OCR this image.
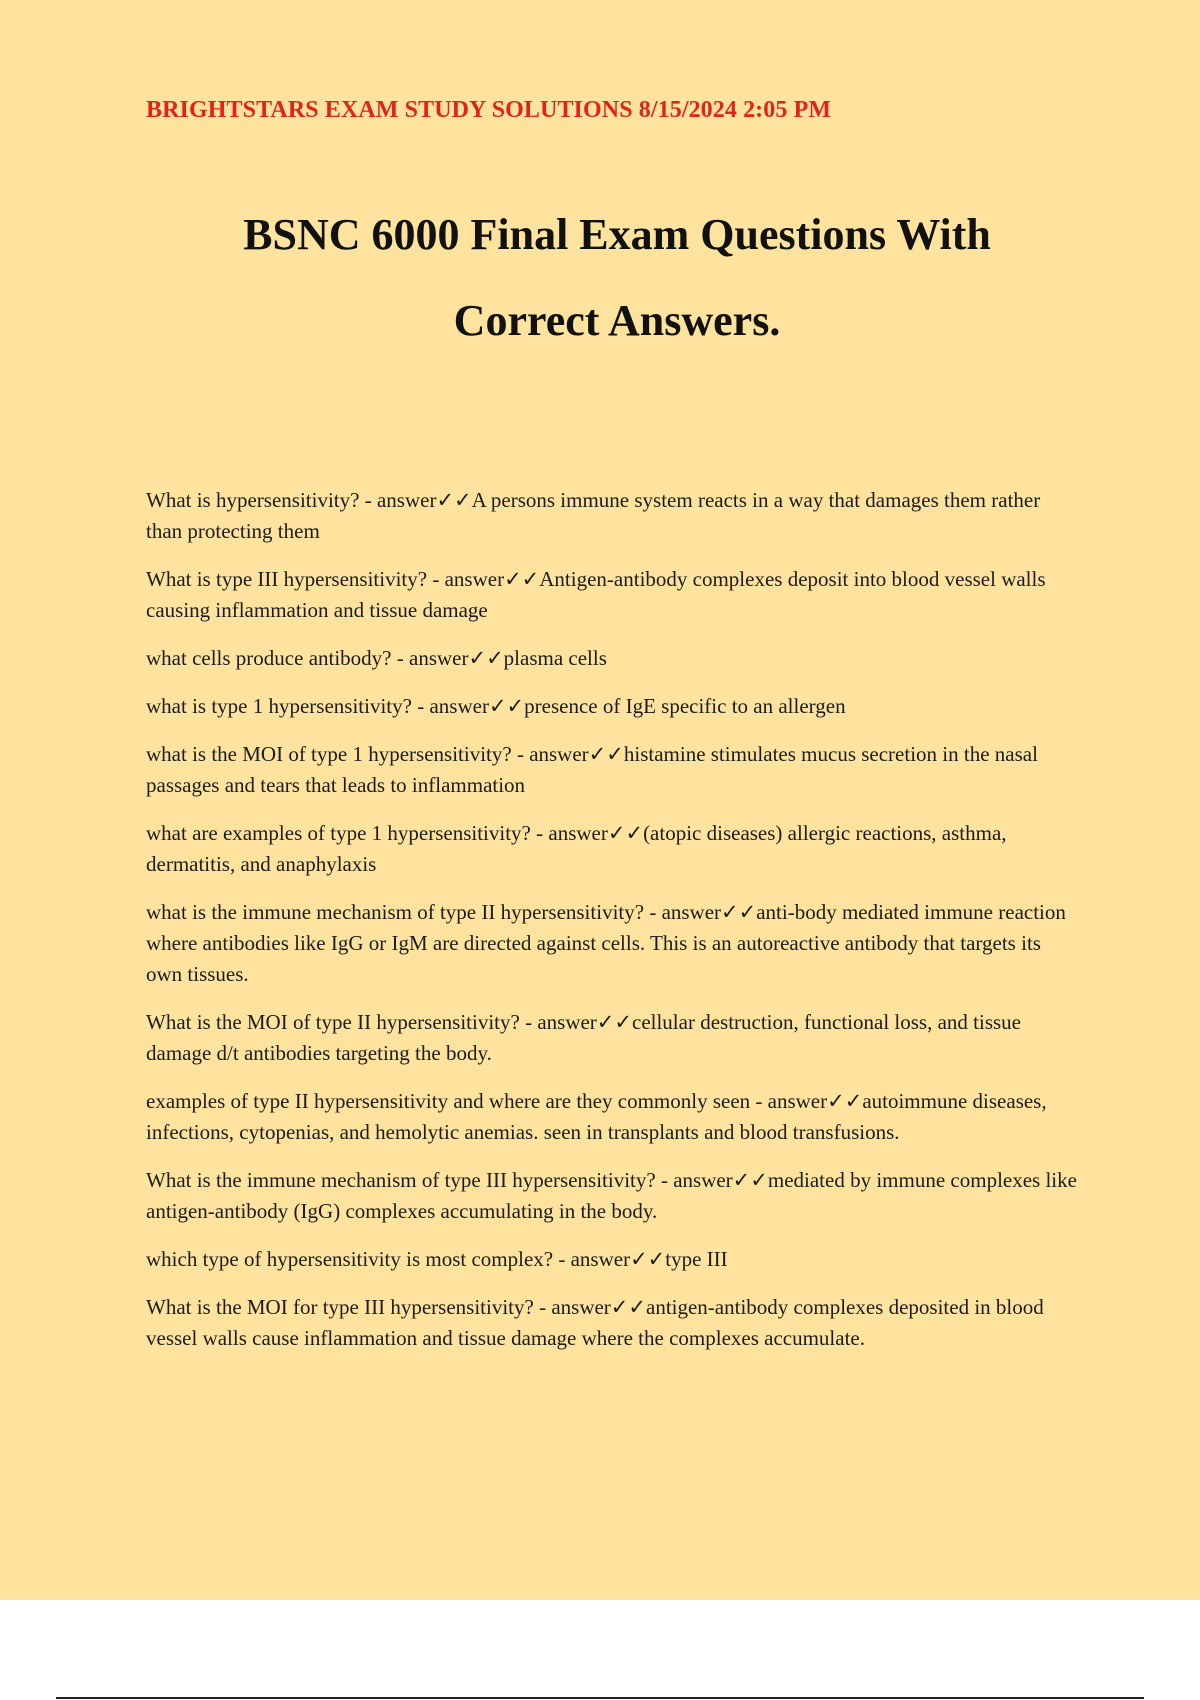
BRIGHTSTARS EXAM STUDY SOLUTIONS 8/15/2024 2:05 PM
BSNC 6000 Final Exam Questions With
Correct Answers.

What is hypersensitivity? - answer✓✓A persons immune system reacts in a way that damages them rather than protecting them

What is type III hypersensitivity? - answer✓✓Antigen-antibody complexes deposit into blood vessel walls causing inflammation and tissue damage

what cells produce antibody? - answer✓✓plasma cells

what is type 1 hypersensitivity? - answer✓✓presence of IgE specific to an allergen

what is the MOI of type 1 hypersensitivity? - answer✓✓histamine stimulates mucus secretion in the nasal passages and tears that leads to inflammation

what are examples of type 1 hypersensitivity? - answer✓✓(atopic diseases) allergic reactions, asthma, dermatitis, and anaphylaxis

what is the immune mechanism of type II hypersensitivity? - answer✓✓anti-body mediated immune reaction where antibodies like IgG or IgM are directed against cells. This is an autoreactive antibody that targets its own tissues.

What is the MOI of type II hypersensitivity? - answer✓✓cellular destruction, functional loss, and tissue damage d/t antibodies targeting the body.

examples of type II hypersensitivity and where are they commonly seen - answer✓✓autoimmune diseases, infections, cytopenias, and hemolytic anemias. seen in transplants and blood transfusions.

What is the immune mechanism of type III hypersensitivity? - answer✓✓mediated by immune complexes like antigen-antibody (IgG) complexes accumulating in the body.

which type of hypersensitivity is most complex? - answer✓✓type III

What is the MOI for type III hypersensitivity? - answer✓✓antigen-antibody complexes deposited in blood vessel walls cause inflammation and tissue damage where the complexes accumulate.
